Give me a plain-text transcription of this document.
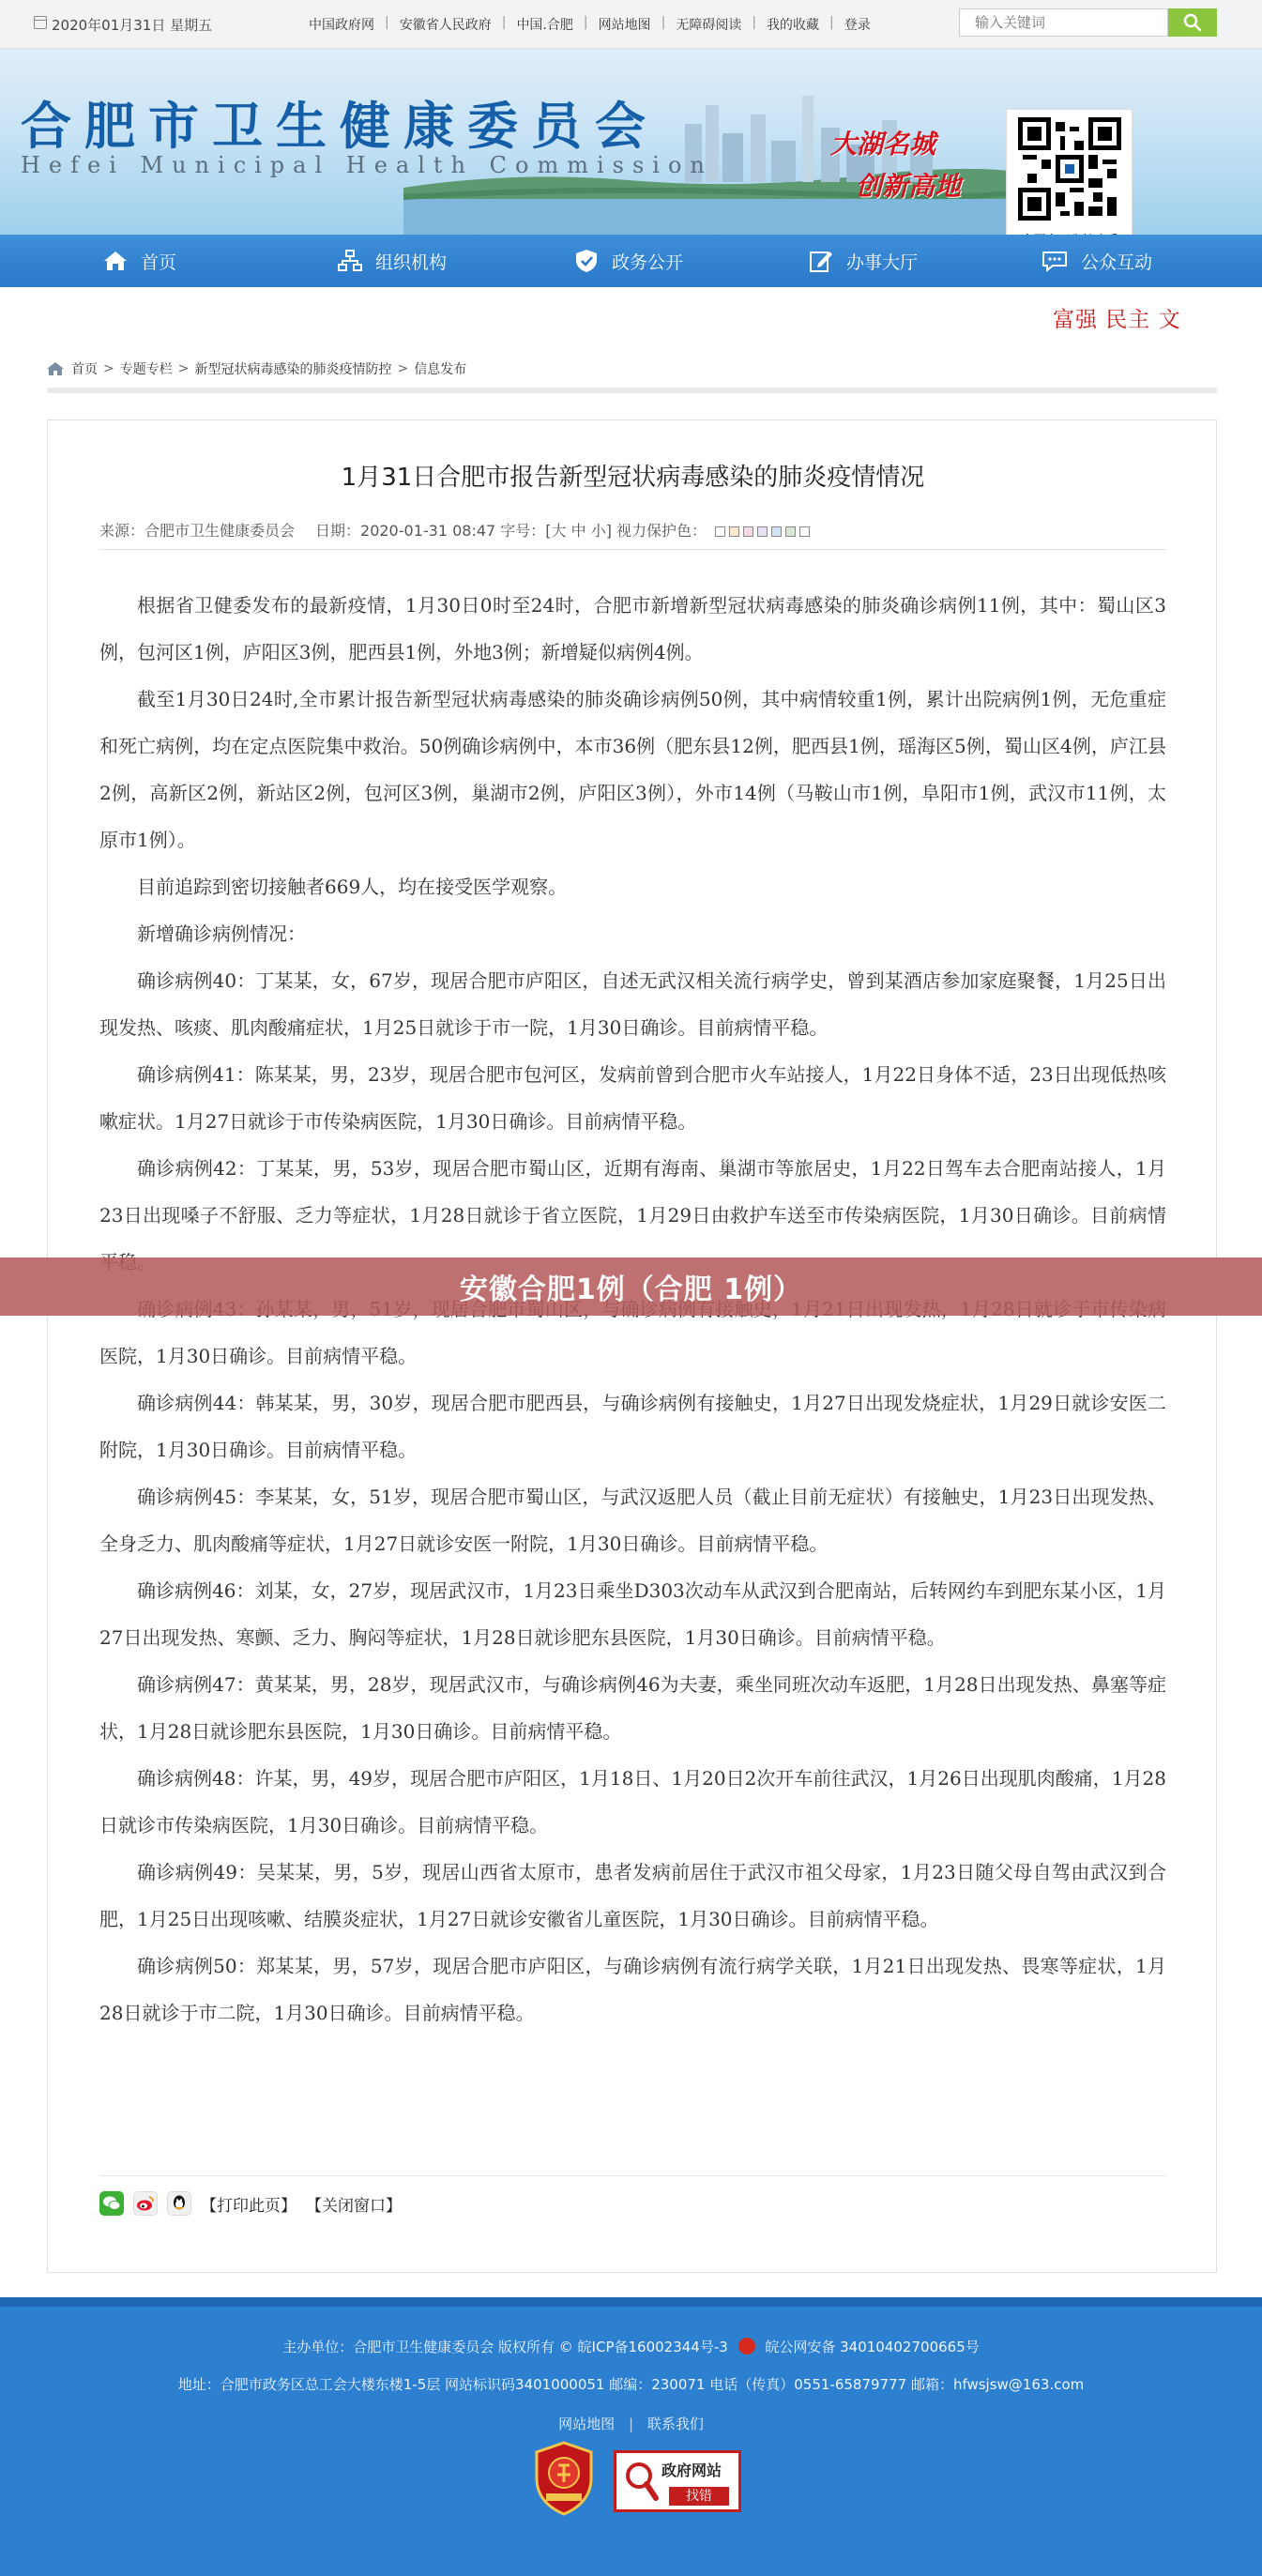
2020年01月31日 星期五	中国政府网 | 安徽省人民政府 | 中国.合肥 | 网站地图 | 无障碍阅读 | 我的收藏 | 登录
输入关键词
合肥市卫生健康委员会
Hefei Municipal Health Commission
大湖名城
创新高地
首页	组织机构	政务公开	办事大厅	公众互动
富强 民主 文
首页 > 专题专栏 > 新型冠状病毒感染的肺炎疫情防控 > 信息发布
1月31日合肥市报告新型冠状病毒感染的肺炎疫情情况
来源：合肥市卫生健康委员会 日期：2020-01-31 08:47 字号：[大 中 小] 视力保护色：

根据省卫健委发布的最新疫情，1月30日0时至24时，合肥市新增新型冠状病毒感染的肺炎确诊病例11例，其中：蜀山区3例，包河区1例，庐阳区3例，肥西县1例，外地3例；新增疑似病例4例。

截至1月30日24时,全市累计报告新型冠状病毒感染的肺炎确诊病例50例，其中病情较重1例，累计出院病例1例，无危重症和死亡病例，均在定点医院集中救治。50例确诊病例中，本市36例（肥东县12例，肥西县1例，瑶海区5例，蜀山区4例，庐江县2例，高新区2例，新站区2例，包河区3例，巢湖市2例，庐阳区3例），外市14例（马鞍山市1例，阜阳市1例，武汉市11例，太原市1例）。

目前追踪到密切接触者669人，均在接受医学观察。

新增确诊病例情况：

确诊病例40：丁某某，女，67岁，现居合肥市庐阳区，自述无武汉相关流行病学史，曾到某酒店参加家庭聚餐，1月25日出现发热、咳痰、肌肉酸痛症状，1月25日就诊于市一院，1月30日确诊。目前病情平稳。

确诊病例41：陈某某，男，23岁，现居合肥市包河区，发病前曾到合肥市火车站接人，1月22日身体不适，23日出现低热咳嗽症状。1月27日就诊于市传染病医院，1月30日确诊。目前病情平稳。

确诊病例42：丁某某，男，53岁，现居合肥市蜀山区，近期有海南、巢湖市等旅居史，1月22日驾车去合肥南站接人，1月23日出现嗓子不舒服、乏力等症状，1月28日就诊于省立医院，1月29日由救护车送至市传染病医院，1月30日确诊。目前病情

医院，1月30日确诊。目前病情平稳。

确诊病例44：韩某某，男，30岁，现居合肥市肥西县，与确诊病例有接触史，1月27日出现发烧症状，1月29日就诊安医二附院，1月30日确诊。目前病情平稳。

确诊病例45：李某某，女，51岁，现居合肥市蜀山区，与武汉返肥人员（截止目前无症状）有接触史，1月23日出现发热、全身乏力、肌肉酸痛等症状，1月27日就诊安医一附院，1月30日确诊。目前病情平稳。

确诊病例46：刘某，女，27岁，现居武汉市，1月23日乘坐D303次动车从武汉到合肥南站，后转网约车到肥东某小区，1月27日出现发热、寒颤、乏力、胸闷等症状，1月28日就诊肥东县医院，1月30日确诊。目前病情平稳。

确诊病例47：黄某某，男，28岁，现居武汉市，与确诊病例46为夫妻，乘坐同班次动车返肥，1月28日出现发热、鼻塞等症状，1月28日就诊肥东县医院，1月30日确诊。目前病情平稳。

确诊病例48：许某，男，49岁，现居合肥市庐阳区，1月18日、1月20日2次开车前往武汉，1月26日出现肌肉酸痛，1月28日就诊市传染病医院，1月30日确诊。目前病情平稳。

确诊病例49：吴某某，男，5岁，现居山西省太原市，患者发病前居住于武汉市祖父母家，1月23日随父母自驾由武汉到合肥，1月25日出现咳嗽、结膜炎症状，1月27日就诊安徽省儿童医院，1月30日确诊。目前病情平稳。

确诊病例50：郑某某，男，57岁，现居合肥市庐阳区，与确诊病例有流行病学关联，1月21日出现发热、畏寒等症状，1月28日就诊于市二院，1月30日确诊。目前病情平稳。

【打印此页】 【关闭窗口】
安徽合肥1例（合肥 1例）
主办单位：合肥市卫生健康委员会 版权所有 © 皖ICP备16002344号-3	皖公网安备 34010402700665号
地址：合肥市政务区总工会大楼东楼1-5层 网站标识码3401000051 邮编：230071 电话（传真）0551-65879777 邮箱：hfwsjsw@163.com
网站地图 | 联系我们
政府网站
找错
